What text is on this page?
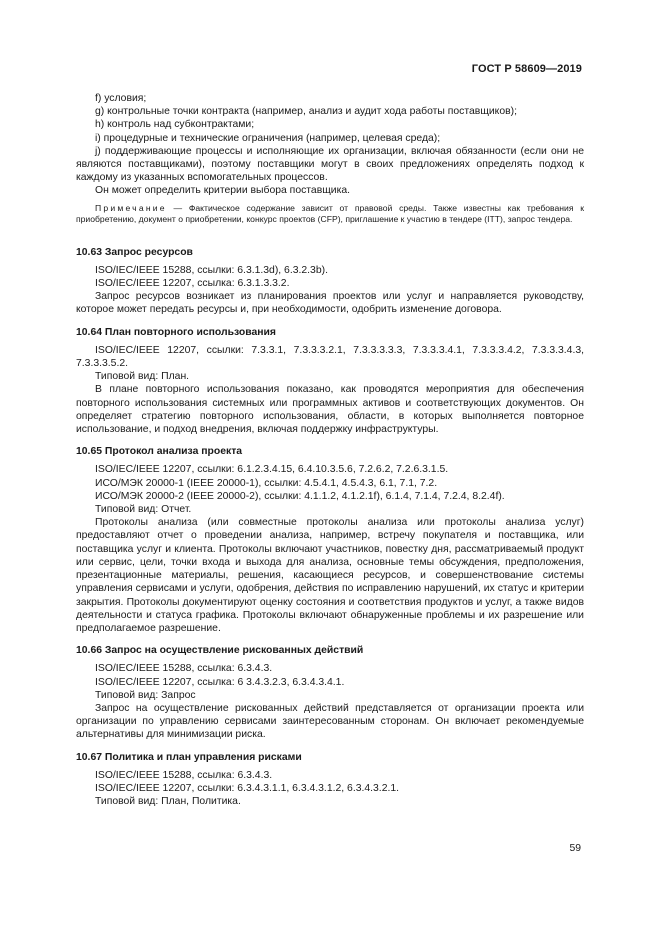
ГОСТ Р 58609—2019

f) условия;

g) контрольные точки контракта (например, анализ и аудит хода работы поставщиков);

h) контроль над субконтрактами;

i) процедурные и технические ограничения (например, целевая среда);

j) поддерживающие процессы и исполняющие их организации, включая обязанности (если они не являются поставщиками), поэтому поставщики могут в своих предложениях определять подход к каждому из указанных вспомогательных процессов.

Он может определить критерии выбора поставщика.

Примечание — Фактическое содержание зависит от правовой среды. Также известны как требования к приобретению, документ о приобретении, конкурс проектов (CFP), приглашение к участию в тендере (ITT), запрос тендера.

10.63 Запрос ресурсов

ISO/IEC/IEEE 15288, ссылки: 6.3.1.3d), 6.3.2.3b).

ISO/IEC/IEEE 12207, ссылка: 6.3.1.3.3.2.

Запрос ресурсов возникает из планирования проектов или услуг и направляется руководству, которое может передать ресурсы и, при необходимости, одобрить изменение договора.

10.64 План повторного использования

ISO/IEC/IEEE 12207, ссылки: 7.3.3.1, 7.3.3.3.2.1, 7.3.3.3.3.3, 7.3.3.3.4.1, 7.3.3.3.4.2, 7.3.3.3.4.3, 7.3.3.3.5.2.

Типовой вид: План.

В плане повторного использования показано, как проводятся мероприятия для обеспечения повторного использования системных или программных активов и соответствующих документов. Он определяет стратегию повторного использования, области, в которых выполняется повторное использование, и подход внедрения, включая поддержку инфраструктуры.

10.65 Протокол анализа проекта

ISO/IEC/IEEE 12207, ссылки: 6.1.2.3.4.15, 6.4.10.3.5.6, 7.2.6.2, 7.2.6.3.1.5.

ИСО/МЭК 20000-1 (IEEE 20000-1), ссылки: 4.5.4.1, 4.5.4.3, 6.1, 7.1, 7.2.

ИСО/МЭК 20000-2 (IEEE 20000-2), ссылки: 4.1.1.2, 4.1.2.1f), 6.1.4, 7.1.4, 7.2.4, 8.2.4f).

Типовой вид: Отчет.

Протоколы анализа (или совместные протоколы анализа или протоколы анализа услуг) предоставляют отчет о проведении анализа, например, встречу покупателя и поставщика, или поставщика услуг и клиента. Протоколы включают участников, повестку дня, рассматриваемый продукт или сервис, цели, точки входа и выхода для анализа, основные темы обсуждения, предположения, презентационные материалы, решения, касающиеся ресурсов, и совершенствование системы управления сервисами и услуги, одобрения, действия по исправлению нарушений, их статус и критерии закрытия. Протоколы документируют оценку состояния и соответствия продуктов и услуг, а также видов деятельности и статуса графика. Протоколы включают обнаруженные проблемы и их разрешение или предполагаемое разрешение.

10.66 Запрос на осуществление рискованных действий

ISO/IEC/IEEE 15288, ссылка: 6.3.4.3.

ISO/IEC/IEEE 12207, ссылка: 6 3.4.3.2.3, 6.3.4.3.4.1.

Типовой вид: Запрос

Запрос на осуществление рискованных действий представляется от организации проекта или организации по управлению сервисами заинтересованным сторонам. Он включает рекомендуемые альтернативы для минимизации риска.

10.67 Политика и план управления рисками

ISO/IEC/IEEE 15288, ссылка: 6.3.4.3.

ISO/IEC/IEEE 12207, ссылки: 6.3.4.3.1.1, 6.3.4.3.1.2, 6.3.4.3.2.1.

Типовой вид: План, Политика.

59
